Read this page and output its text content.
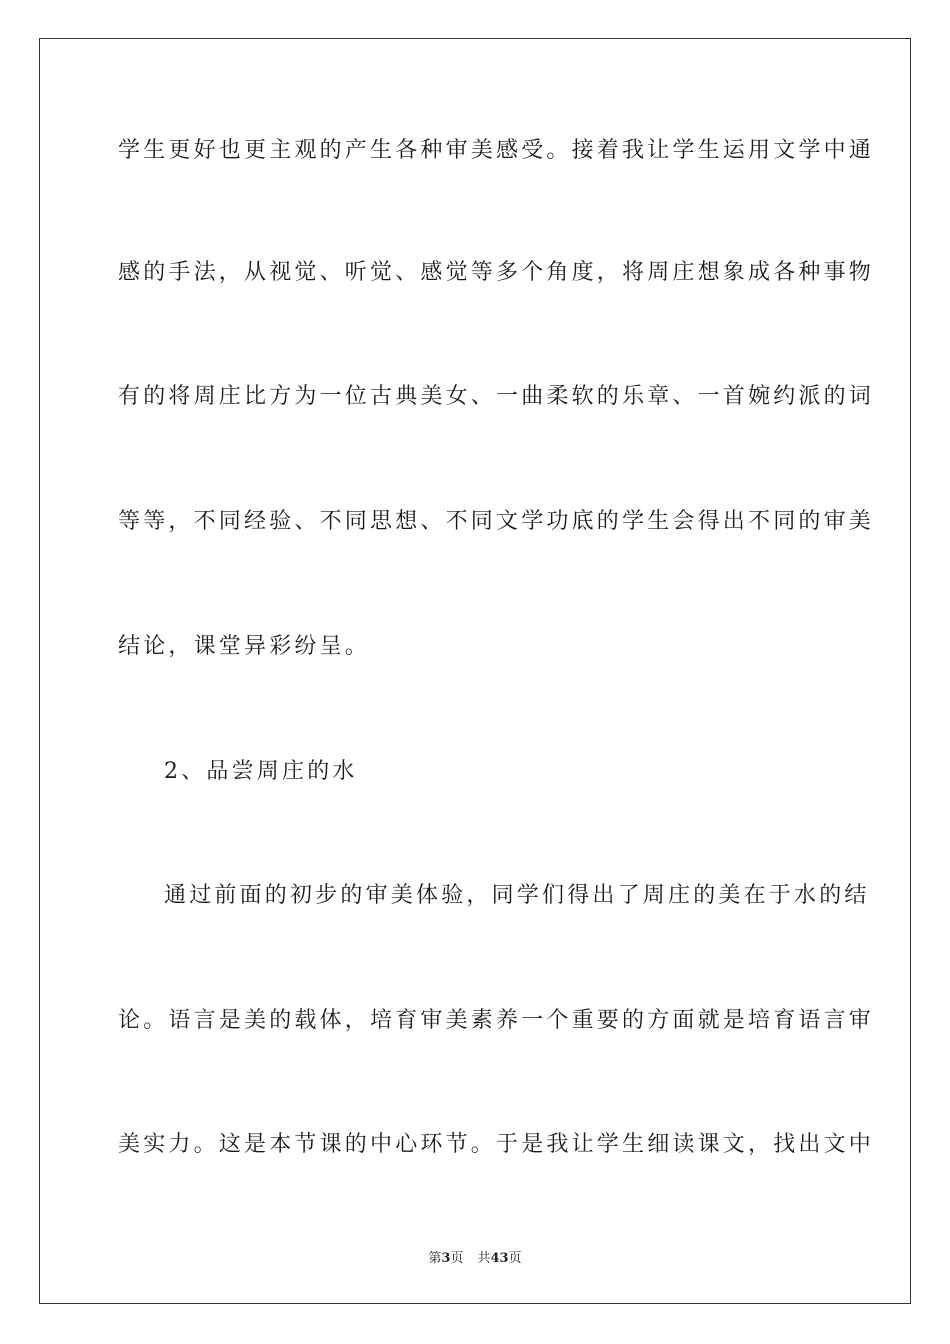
学生更好也更主观的产生各种审美感受。接着我让学生运用文学中通
感的手法，从视觉、听觉、感觉等多个角度，将周庄想象成各种事物
有的将周庄比方为一位古典美女、一曲柔软的乐章、一首婉约派的词
等等，不同经验、不同思想、不同文学功底的学生会得出不同的审美
结论，课堂异彩纷呈。
2、品尝周庄的水
通过前面的初步的审美体验，同学们得出了周庄的美在于水的结
论。语言是美的载体，培育审美素养一个重要的方面就是培育语言审
美实力。这是本节课的中心环节。于是我让学生细读课文，找出文中
第3页 共43页
